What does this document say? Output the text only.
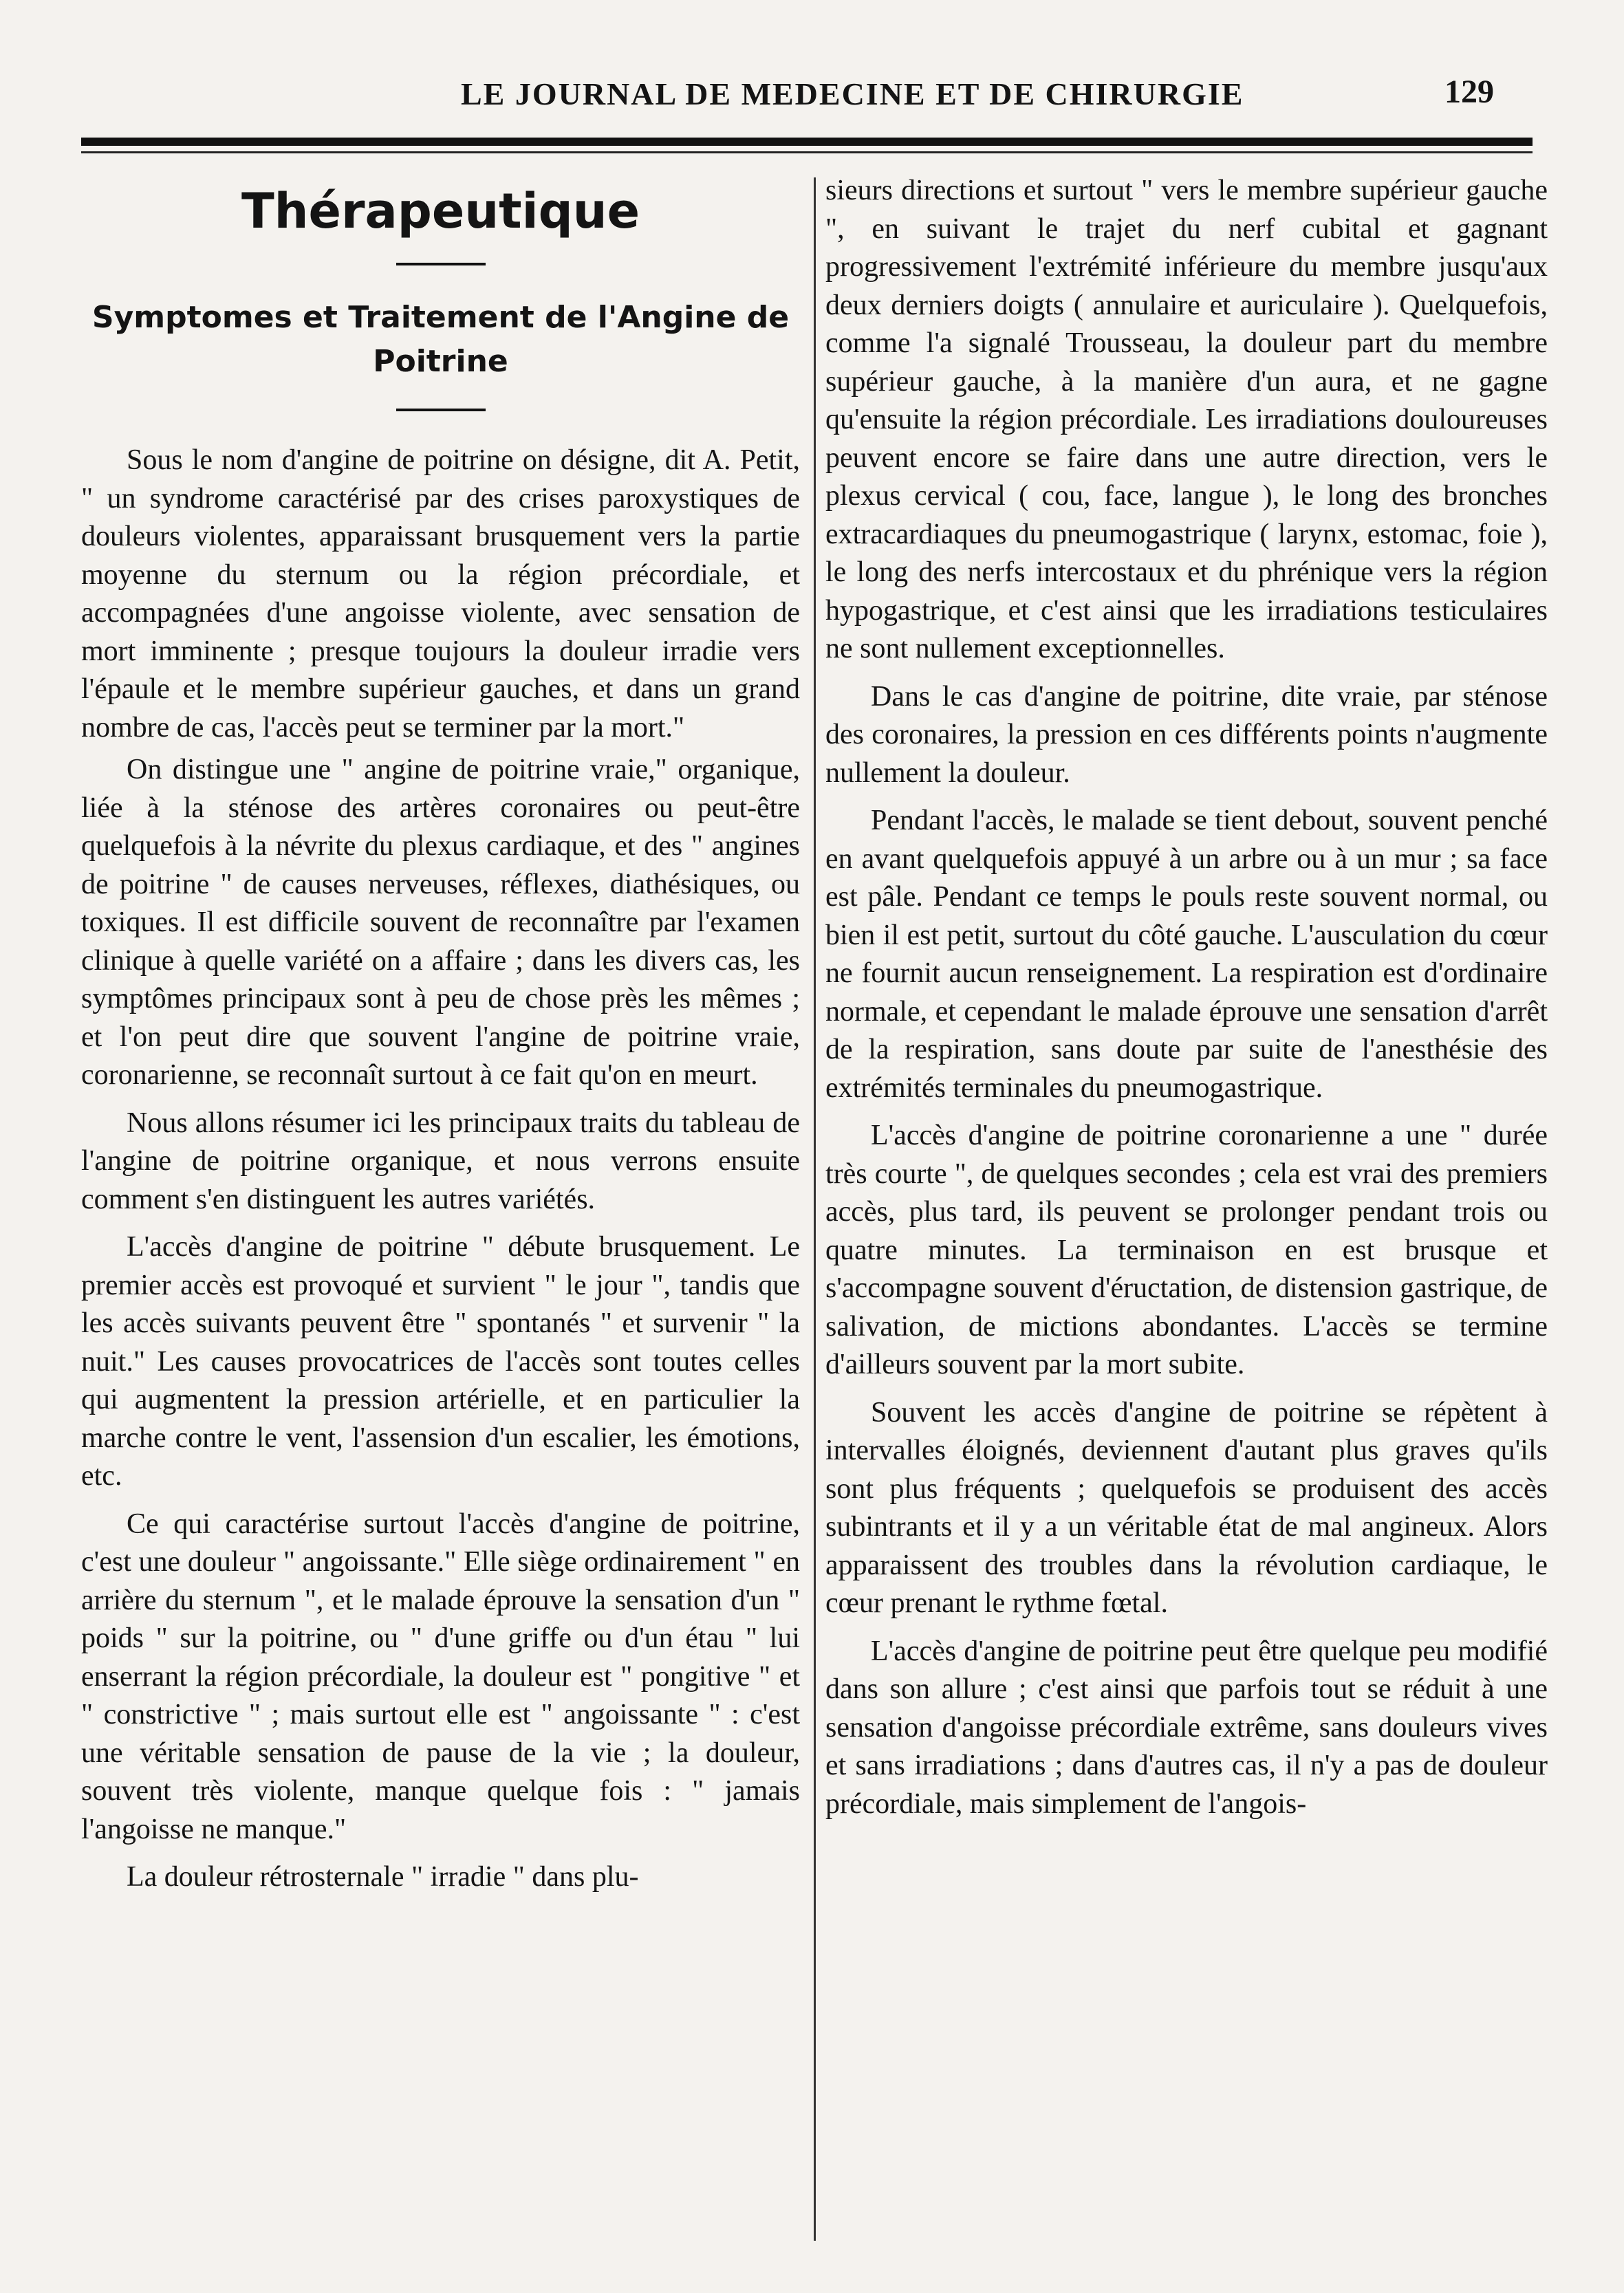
LE JOURNAL DE MEDECINE ET DE CHIRURGIE	129
Thérapeutique
Symptomes et Traitement de l'Angine de Poitrine

Sous le nom d'angine de poitrine on désigne, dit A. Petit, " un syndrome caractérisé par des crises paroxystiques de douleurs violentes, apparaissant brusquement vers la partie moyenne du sternum ou la région précordiale, et accompagnées d'une angoisse violente, avec sensation de mort imminente ; presque toujours la douleur irradie vers l'épaule et le membre supérieur gauches, et dans un grand nombre de cas, l'accès peut se terminer par la mort."

On distingue une " angine de poitrine vraie," organique, liée à la sténose des artères coronaires ou peut-être quelquefois à la névrite du plexus cardiaque, et des " angines de poitrine " de causes nerveuses, réflexes, diathésiques, ou toxiques. Il est difficile souvent de reconnaître par l'examen clinique à quelle variété on a affaire ; dans les divers cas, les symptômes principaux sont à peu de chose près les mêmes ; et l'on peut dire que souvent l'angine de poitrine vraie, coronarienne, se reconnaît surtout à ce fait qu'on en meurt.

Nous allons résumer ici les principaux traits du tableau de l'angine de poitrine organique, et nous verrons ensuite comment s'en distinguent les autres variétés.

L'accès d'angine de poitrine " débute brusquement. Le premier accès est provoqué et survient " le jour ", tandis que les accès suivants peuvent être " spontanés " et survenir " la nuit." Les causes provocatrices de l'accès sont toutes celles qui augmentent la pression artérielle, et en particulier la marche contre le vent, l'assension d'un escalier, les émotions, etc.

Ce qui caractérise surtout l'accès d'angine de poitrine, c'est une douleur " angoissante." Elle siège ordinairement " en arrière du sternum ", et le malade éprouve la sensation d'un " poids " sur la poitrine, ou " d'une griffe ou d'un étau " lui enserrant la région précordiale, la douleur est " pongitive " et " constrictive " ; mais surtout elle est " angoissante " : c'est une véritable sensation de pause de la vie ; la douleur, souvent très violente, manque quelque fois : " jamais l'angoisse ne manque."

La douleur rétrosternale " irradie " dans plu-

sieurs directions et surtout " vers le membre supérieur gauche ", en suivant le trajet du nerf cubital et gagnant progressivement l'extrémité inférieure du membre jusqu'aux deux derniers doigts ( annulaire et auriculaire ). Quelquefois, comme l'a signalé Trousseau, la douleur part du membre supérieur gauche, à la manière d'un aura, et ne gagne qu'ensuite la région précordiale. Les irradiations douloureuses peuvent encore se faire dans une autre direction, vers le plexus cervical ( cou, face, langue ), le long des bronches extracardiaques du pneumogastrique ( larynx, estomac, foie ), le long des nerfs intercostaux et du phrénique vers la région hypogastrique, et c'est ainsi que les irradiations testiculaires ne sont nullement exceptionnelles.

Dans le cas d'angine de poitrine, dite vraie, par sténose des coronaires, la pression en ces différents points n'augmente nullement la douleur.

Pendant l'accès, le malade se tient debout, souvent penché en avant quelquefois appuyé à un arbre ou à un mur ; sa face est pâle. Pendant ce temps le pouls reste souvent normal, ou bien il est petit, surtout du côté gauche. L'ausculation du cœur ne fournit aucun renseignement. La respiration est d'ordinaire normale, et cependant le malade éprouve une sensation d'arrêt de la respiration, sans doute par suite de l'anesthésie des extrémités terminales du pneumogastrique.

L'accès d'angine de poitrine coronarienne a une " durée très courte ", de quelques secondes ; cela est vrai des premiers accès, plus tard, ils peuvent se prolonger pendant trois ou quatre minutes. La terminaison en est brusque et s'accompagne souvent d'éructation, de distension gastrique, de salivation, de mictions abondantes. L'accès se termine d'ailleurs souvent par la mort subite.

Souvent les accès d'angine de poitrine se répètent à intervalles éloignés, deviennent d'autant plus graves qu'ils sont plus fréquents ; quelquefois se produisent des accès subintrants et il y a un véritable état de mal angineux. Alors apparaissent des troubles dans la révolution cardiaque, le cœur prenant le rythme fœtal.

L'accès d'angine de poitrine peut être quelque peu modifié dans son allure ; c'est ainsi que parfois tout se réduit à une sensation d'angoisse précordiale extrême, sans douleurs vives et sans irradiations ; dans d'autres cas, il n'y a pas de douleur précordiale, mais simplement de l'angois-
